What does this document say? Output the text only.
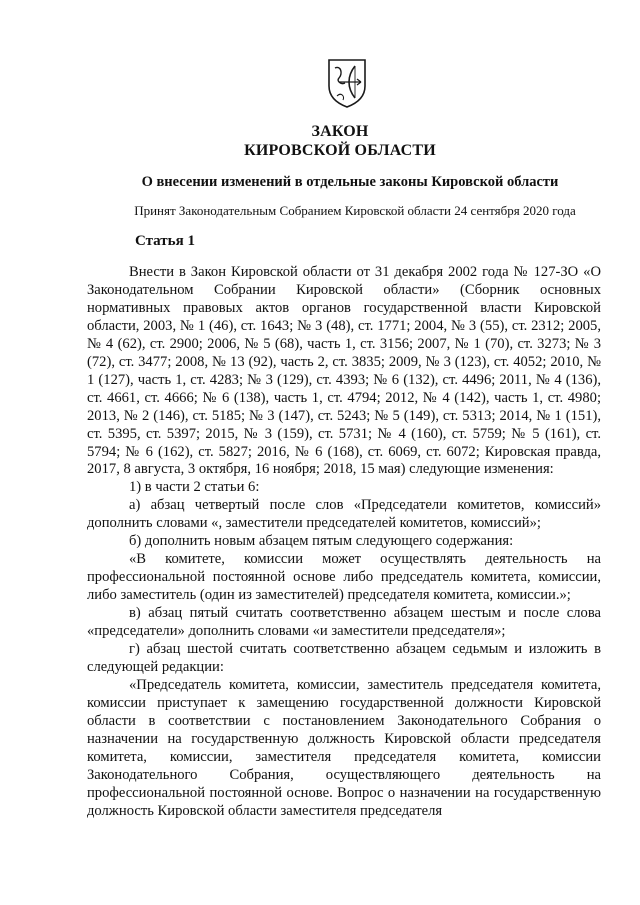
ЗАКОН
КИРОВСКОЙ ОБЛАСТИ
О внесении изменений в отдельные законы Кировской области
Принят Законодательным Собранием Кировской области 24 сентября 2020 года
Статья 1

Внести в Закон Кировской области от 31 декабря 2002 года № 127-ЗО «О Законодательном Собрании Кировской области» (Сборник основных нормативных правовых актов органов государственной власти Кировской области, 2003, № 1 (46), ст. 1643; № 3 (48), ст. 1771; 2004, № 3 (55), ст. 2312; 2005, № 4 (62), ст. 2900; 2006, № 5 (68), часть 1, ст. 3156; 2007, № 1 (70), ст. 3273; № 3 (72), ст. 3477; 2008, № 13 (92), часть 2, ст. 3835; 2009, № 3 (123), ст. 4052; 2010, № 1 (127), часть 1, ст. 4283; № 3 (129), ст. 4393; № 6 (132), ст. 4496; 2011, № 4 (136), ст. 4661, ст. 4666; № 6 (138), часть 1, ст. 4794; 2012, № 4 (142), часть 1, ст. 4980; 2013, № 2 (146), ст. 5185; № 3 (147), ст. 5243; № 5 (149), ст. 5313; 2014, № 1 (151), ст. 5395, ст. 5397; 2015, № 3 (159), ст. 5731; № 4 (160), ст. 5759; № 5 (161), ст. 5794; № 6 (162), ст. 5827; 2016, № 6 (168), ст. 6069, ст. 6072; Кировская правда, 2017, 8 августа, 3 октября, 16 ноября; 2018, 15 мая) следующие изменения:

1) в части 2 статьи 6:

а) абзац четвертый после слов «Председатели комитетов, комиссий» дополнить словами «, заместители председателей комитетов, комиссий»;

б) дополнить новым абзацем пятым следующего содержания:

«В комитете, комиссии может осуществлять деятельность на профессиональной постоянной основе либо председатель комитета, комиссии, либо заместитель (один из заместителей) председателя комитета, комиссии.»;

в) абзац пятый считать соответственно абзацем шестым и после слова «председатели» дополнить словами «и заместители председателя»;

г) абзац шестой считать соответственно абзацем седьмым и изложить в следующей редакции:

«Председатель комитета, комиссии, заместитель председателя комитета, комиссии приступает к замещению государственной должности Кировской области в соответствии с постановлением Законодательного Собрания о назначении на государственную должность Кировской области председателя комитета, комиссии, заместителя председателя комитета, комиссии Законодательного Собрания, осуществляющего деятельность на профессиональной постоянной основе. Вопрос о назначении на государственную должность Кировской области заместителя председателя
